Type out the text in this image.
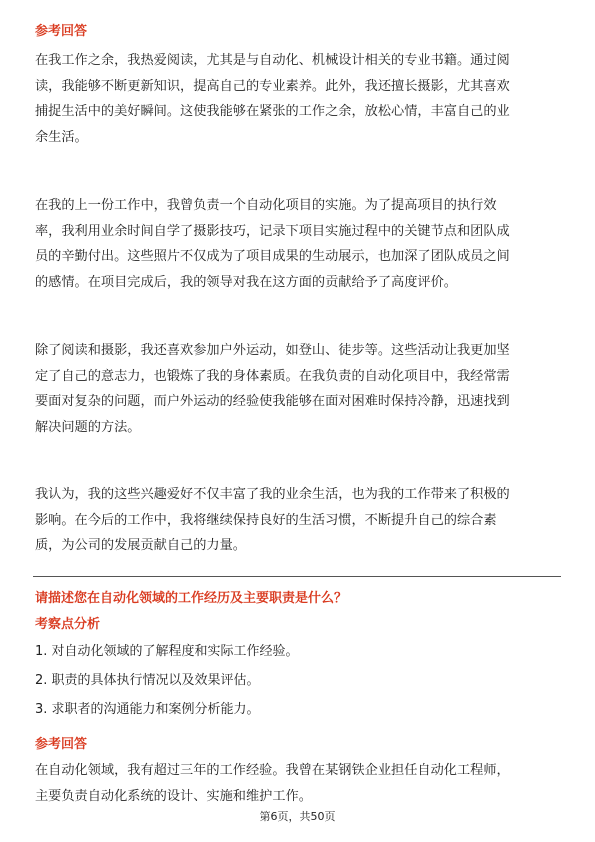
参考回答
在我工作之余，我热爱阅读，尤其是与自动化、机械设计相关的专业书籍。通过阅
读，我能够不断更新知识，提高自己的专业素养。此外，我还擅长摄影，尤其喜欢
捕捉生活中的美好瞬间。这使我能够在紧张的工作之余，放松心情，丰富自己的业
余生活。
在我的上一份工作中，我曾负责一个自动化项目的实施。为了提高项目的执行效
率，我利用业余时间自学了摄影技巧，记录下项目实施过程中的关键节点和团队成
员的辛勤付出。这些照片不仅成为了项目成果的生动展示，也加深了团队成员之间
的感情。在项目完成后，我的领导对我在这方面的贡献给予了高度评价。
除了阅读和摄影，我还喜欢参加户外运动，如登山、徒步等。这些活动让我更加坚
定了自己的意志力，也锻炼了我的身体素质。在我负责的自动化项目中，我经常需
要面对复杂的问题，而户外运动的经验使我能够在面对困难时保持冷静，迅速找到
解决问题的方法。
我认为，我的这些兴趣爱好不仅丰富了我的业余生活，也为我的工作带来了积极的
影响。在今后的工作中，我将继续保持良好的生活习惯，不断提升自己的综合素
质，为公司的发展贡献自己的力量。
请描述您在自动化领域的工作经历及主要职责是什么？
考察点分析
1. 对自动化领域的了解程度和实际工作经验。
2. 职责的具体执行情况以及效果评估。
3. 求职者的沟通能力和案例分析能力。
参考回答
在自动化领域，我有超过三年的工作经验。我曾在某钢铁企业担任自动化工程师，
主要负责自动化系统的设计、实施和维护工作。
第6页，共50页
